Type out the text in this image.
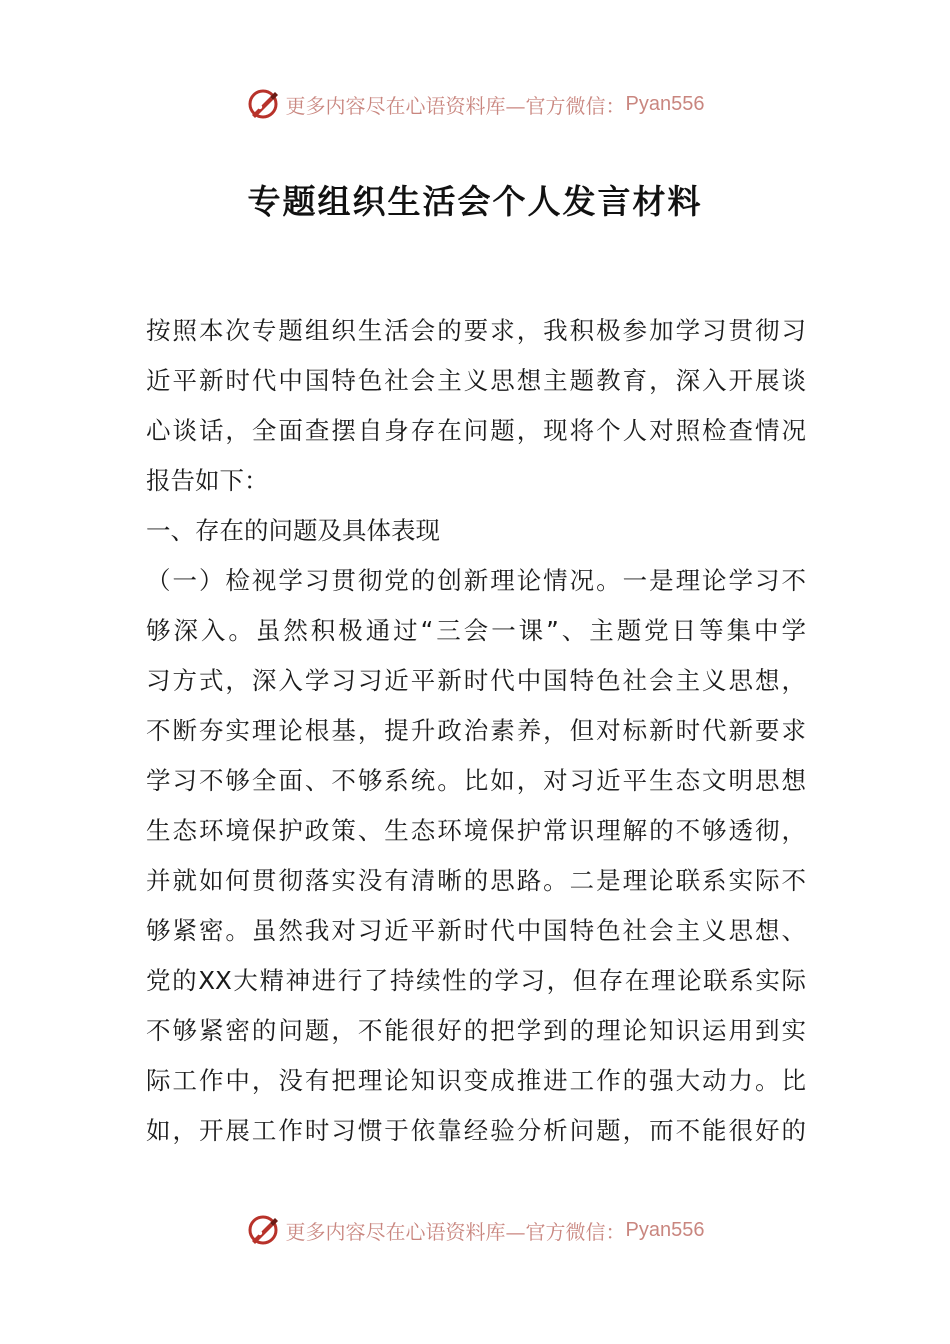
更多内容尽在心语资料库—官方微信： Pyan556
专题组织生活会个人发言材料
按照本次专题组织生活会的要求，我积极参加学习贯彻习
近平新时代中国特色社会主义思想主题教育，深入开展谈
心谈话，全面查摆自身存在问题，现将个人对照检查情况
报告如下：
一、存在的问题及具体表现
（一）检视学习贯彻党的创新理论情况。一是理论学习不
够深入。虽然积极通过“三会一课”、主题党日等集中学
习方式，深入学习习近平新时代中国特色社会主义思想，
不断夯实理论根基，提升政治素养，但对标新时代新要求
学习不够全面、不够系统。比如，对习近平生态文明思想
生态环境保护政策、生态环境保护常识理解的不够透彻，
并就如何贯彻落实没有清晰的思路。二是理论联系实际不
够紧密。虽然我对习近平新时代中国特色社会主义思想、
党的XX大精神进行了持续性的学习，但存在理论联系实际
不够紧密的问题，不能很好的把学到的理论知识运用到实
际工作中，没有把理论知识变成推进工作的强大动力。比
如，开展工作时习惯于依靠经验分析问题，而不能很好的
更多内容尽在心语资料库—官方微信： Pyan556
